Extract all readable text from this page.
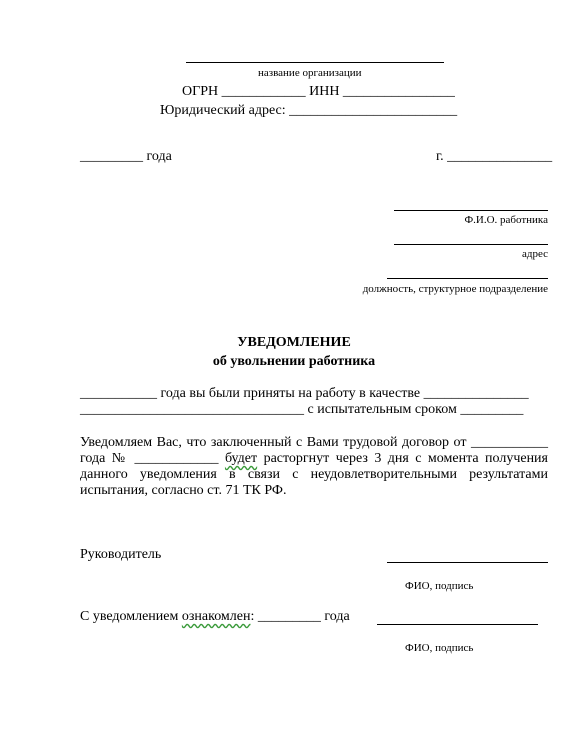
название организации
ОГРН ____________ ИНН ________________
Юридический адрес: ________________________
_________ года	г. _______________
Ф.И.О. работника
адрес
должность, структурное подразделение
УВЕДОМЛЕНИЕ
об увольнении работника
___________ года вы были приняты на работу в качестве _______________
________________________________ с испытательным сроком _________
Уведомляем Вас, что заключенный с Вами трудовой договор от ___________
года № ____________ будет расторгнут через 3 дня с момента получения
данного уведомления в связи с неудовлетворительными результатами
испытания, согласно ст. 71 ТК РФ.
Руководитель
ФИО, подпись
С уведомлением ознакомлен: _________ года
ФИО, подпись
